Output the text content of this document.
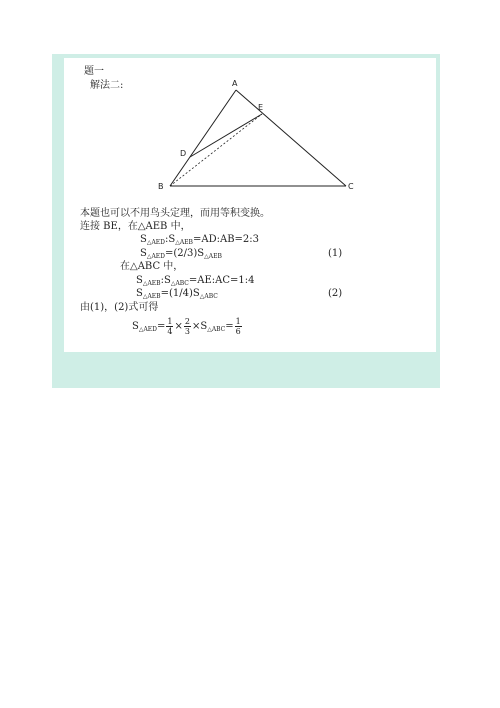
题一
解法二:	A
B	C
D
E
本题也可以不用鸟头定理，而用等积变换。
连接 BE，在△AEB 中，
$S_{\triangle AED}:S_{\triangle AEB}=AD:AB=2:3$
$S_{\triangle AED}=(2/3)S_{\triangle AEB}$	(1)
在△ABC 中，
$S_{\triangle AEB}:S_{\triangle ABC}=AE:AC=1:4$
$S_{\triangle AEB}=(1/4)S_{\triangle ABC}$	(2)
由(1)，(2)式可得
$S_{\triangle AED}= \frac{1}{4} \times \frac{2}{3} \times S_{\triangle ABC}= \frac{1}{6}$
